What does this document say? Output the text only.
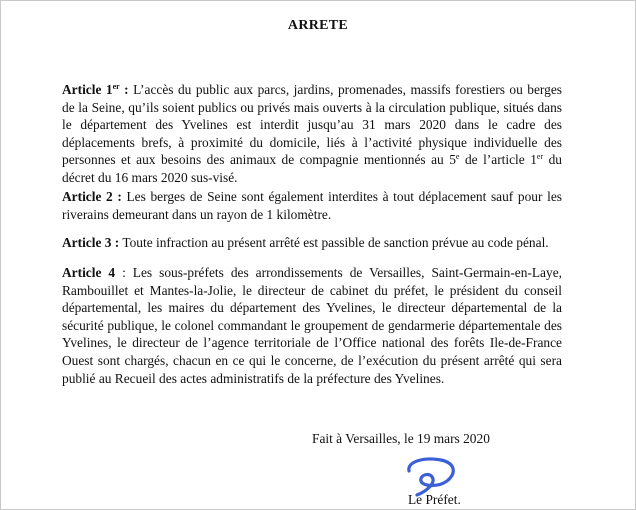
ARRETE

Article 1er : L’accès du public aux parcs, jardins, promenades, massifs forestiers ou berges de la Seine, qu’ils soient publics ou privés mais ouverts à la circulation publique, situés dans le département des Yvelines est interdit jusqu’au 31 mars 2020 dans le cadre des déplacements brefs, à proximité du domicile, liés à l’activité physique individuelle des personnes et aux besoins des animaux de compagnie mentionnés au 5e de l’article 1er du décret du 16 mars 2020 sus-visé.

Article 2 : Les berges de Seine sont également interdites à tout déplacement sauf pour les riverains demeurant dans un rayon de 1 kilomètre.

Article 3 : Toute infraction au présent arrêté est passible de sanction prévue au code pénal.

Article 4 : Les sous-préfets des arrondissements de Versailles, Saint-Germain-en-Laye, Rambouillet et Mantes-la-Jolie, le directeur de cabinet du préfet, le président du conseil départemental, les maires du département des Yvelines, le directeur départemental de la sécurité publique, le colonel commandant le groupement de gendarmerie départementale des Yvelines, le directeur de l’agence territoriale de l’Office national des forêts Ile-de-France Ouest sont chargés, chacun en ce qui le concerne, de l’exécution du présent arrêté qui sera publié au Recueil des actes administratifs de la préfecture des Yvelines.

Fait à Versailles, le 19 mars 2020
Le Préfet.
